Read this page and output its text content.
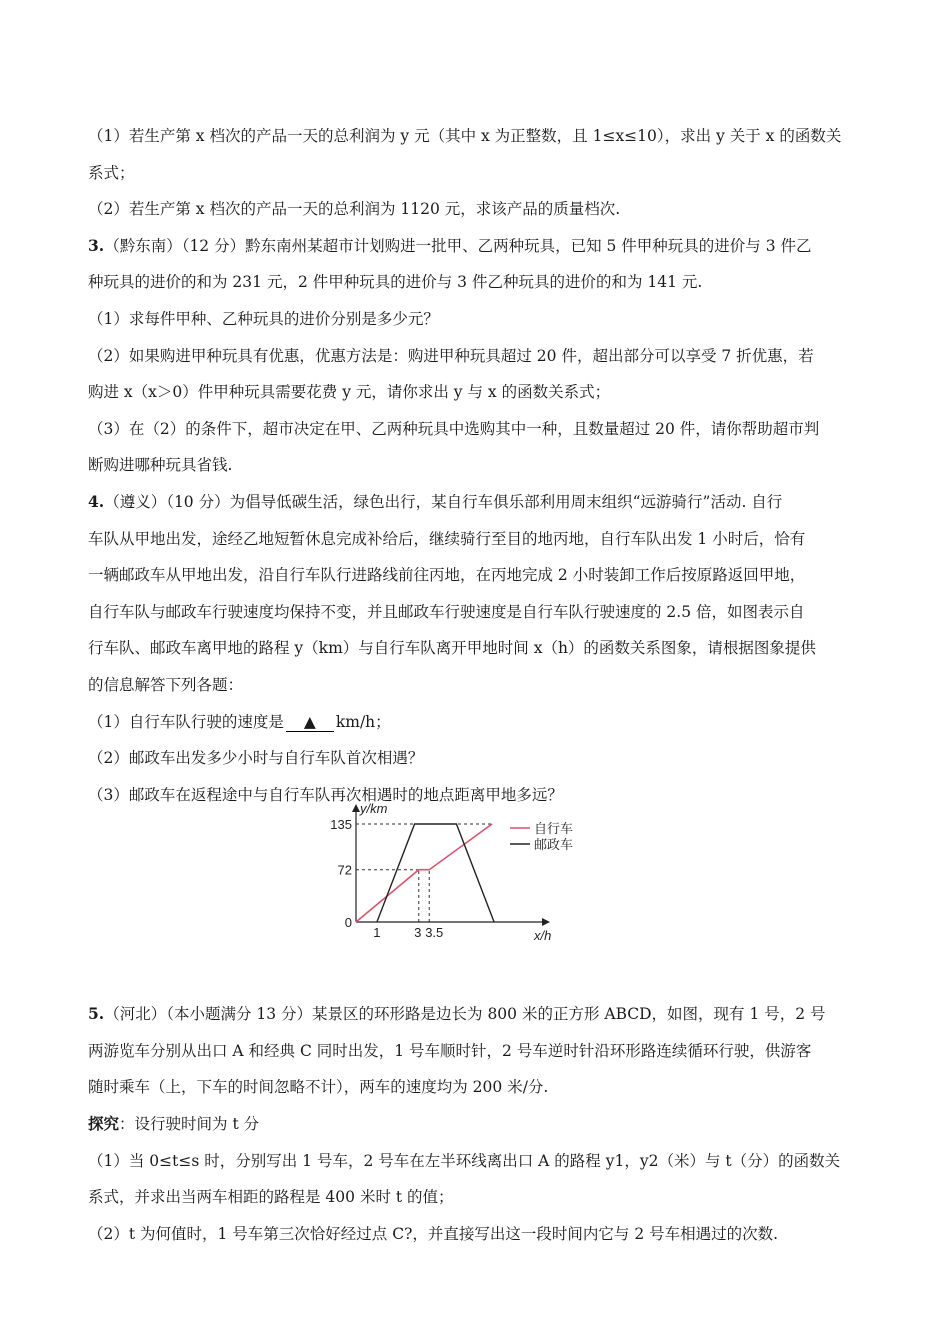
（1）若生产第 x 档次的产品一天的总利润为 y 元（其中 x 为正整数，且 1≤x≤10），求出 y 关于 x 的函数关

系式；

（2）若生产第 x 档次的产品一天的总利润为 1120 元，求该产品的质量档次.

3.（黔东南）（12 分）黔东南州某超市计划购进一批甲、乙两种玩具，已知 5 件甲种玩具的进价与 3 件乙

种玩具的进价的和为 231 元，2 件甲种玩具的进价与 3 件乙种玩具的进价的和为 141 元.

（1）求每件甲种、乙种玩具的进价分别是多少元？

（2）如果购进甲种玩具有优惠，优惠方法是：购进甲种玩具超过 20 件，超出部分可以享受 7 折优惠，若

购进 x（x＞0）件甲种玩具需要花费 y 元，请你求出 y 与 x 的函数关系式；

（3）在（2）的条件下，超市决定在甲、乙两种玩具中选购其中一种，且数量超过 20 件，请你帮助超市判

断购进哪种玩具省钱.

4.（遵义）（10 分）为倡导低碳生活，绿色出行，某自行车俱乐部利用周末组织“远游骑行”活动. 自行

车队从甲地出发，途经乙地短暂休息完成补给后，继续骑行至目的地丙地，自行车队出发 1 小时后，恰有

一辆邮政车从甲地出发，沿自行车队行进路线前往丙地，在丙地完成 2 小时装卸工作后按原路返回甲地，

自行车队与邮政车行驶速度均保持不变，并且邮政车行驶速度是自行车队行驶速度的 2.5 倍，如图表示自

行车队、邮政车离甲地的路程 y（km）与自行车队离开甲地时间 x（h）的函数关系图象，请根据图象提供

的信息解答下列各题：

（1）自行车队行驶的速度是 ▲ km/h；

（2）邮政车出发多少小时与自行车队首次相遇？

（3）邮政车在返程途中与自行车队再次相遇时的地点距离甲地多远？

5.（河北）（本小题满分 13 分）某景区的环形路是边长为 800 米的正方形 ABCD，如图，现有 1 号，2 号

两游览车分别从出口 A 和经典 C 同时出发，1 号车顺时针，2 号车逆时针沿环形路连续循环行驶，供游客

随时乘车（上，下车的时间忽略不计），两车的速度均为 200 米/分.

探究：设行驶时间为 t 分

（1）当 0≤t≤s 时，分别写出 1 号车，2 号车在左半环线离出口 A 的路程 y1，y2（米）与 t（分）的函数关

系式，并求出当两车相距的路程是 400 米时 t 的值；

（2）t 为何值时，1 号车第三次恰好经过点 C?，并直接写出这一段时间内它与 2 号车相遇过的次数.

y/km
x/h
0
72
135
1	3 3.5
自行车
邮政车
